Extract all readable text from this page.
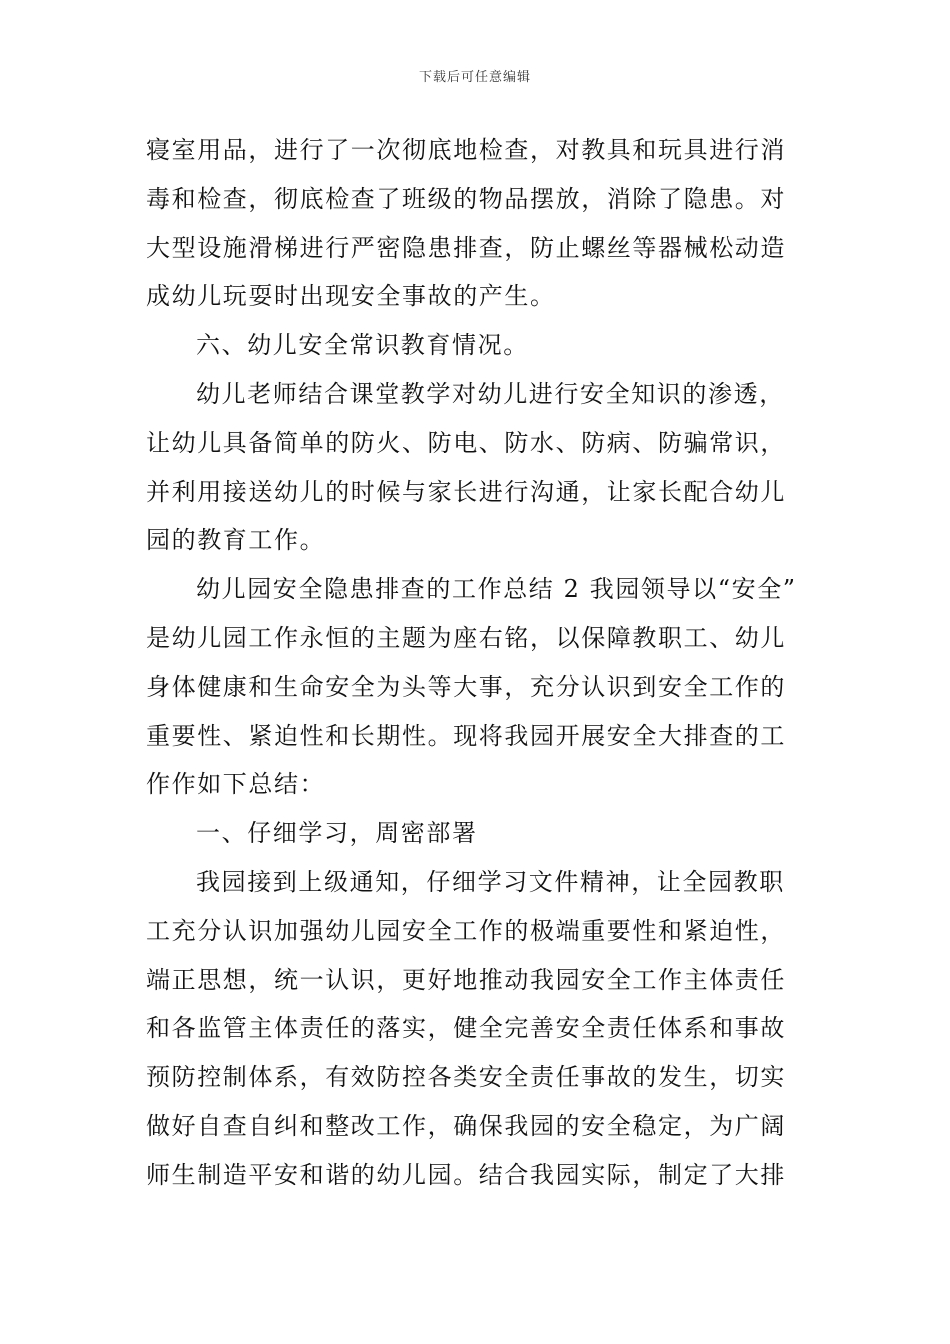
下载后可任意编辑
寝室用品，进行了一次彻底地检查，对教具和玩具进行消
毒和检查，彻底检查了班级的物品摆放，消除了隐患。对
大型设施滑梯进行严密隐患排查，防止螺丝等器械松动造
成幼儿玩耍时出现安全事故的产生。
六、幼儿安全常识教育情况。
幼儿老师结合课堂教学对幼儿进行安全知识的渗透，
让幼儿具备简单的防火、防电、防水、防病、防骗常识，
并利用接送幼儿的时候与家长进行沟通，让家长配合幼儿
园的教育工作。
幼儿园安全隐患排查的工作总结 2 我园领导以“安全”
是幼儿园工作永恒的主题为座右铭，以保障教职工、幼儿
身体健康和生命安全为头等大事，充分认识到安全工作的
重要性、紧迫性和长期性。现将我园开展安全大排查的工
作作如下总结：
一、仔细学习，周密部署
我园接到上级通知，仔细学习文件精神，让全园教职
工充分认识加强幼儿园安全工作的极端重要性和紧迫性，
端正思想，统一认识，更好地推动我园安全工作主体责任
和各监管主体责任的落实，健全完善安全责任体系和事故
预防控制体系，有效防控各类安全责任事故的发生，切实
做好自查自纠和整改工作，确保我园的安全稳定，为广阔
师生制造平安和谐的幼儿园。结合我园实际，制定了大排
